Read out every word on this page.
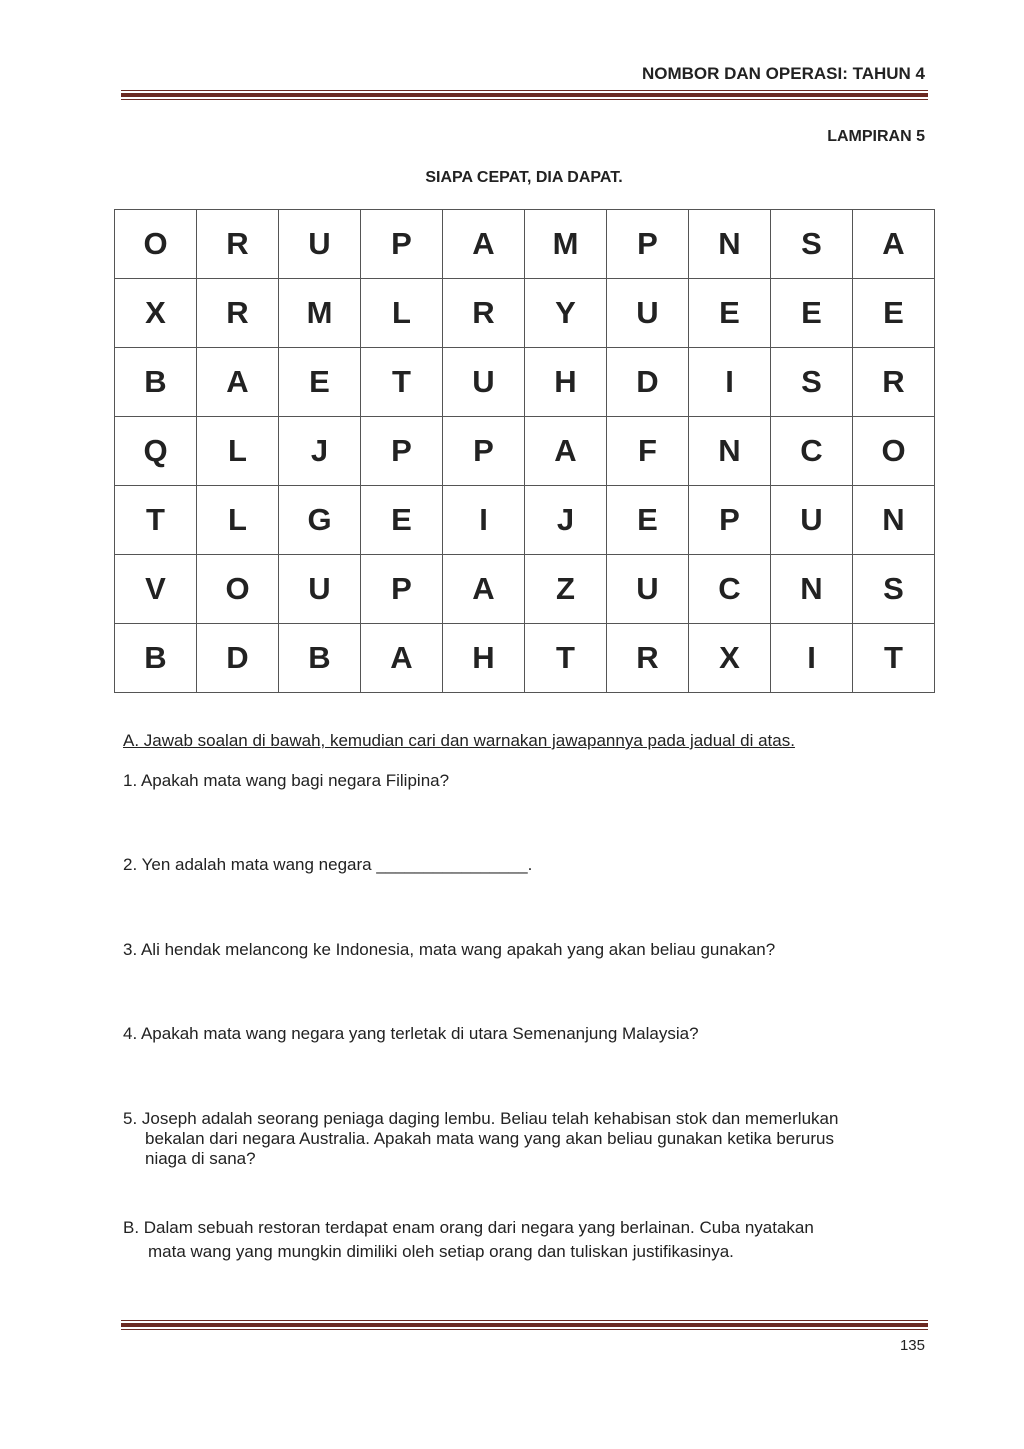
NOMBOR DAN OPERASI: TAHUN 4
LAMPIRAN 5
SIAPA CEPAT, DIA DAPAT.
O	R	U	P	A	M	P	N	S	A
X	R	M	L	R	Y	U	E	E	E
B	A	E	T	U	H	D	I	S	R
Q	L	J	P	P	A	F	N	C	O
T	L	G	E	I	J	E	P	U	N
V	O	U	P	A	Z	U	C	N	S
B	D	B	A	H	T	R	X	I	T
A. Jawab soalan di bawah, kemudian cari dan warnakan jawapannya pada jadual di atas.
1. Apakah mata wang bagi negara Filipina?
2. Yen adalah mata wang negara ________________.
3. Ali hendak melancong ke Indonesia, mata wang apakah yang akan beliau gunakan?
4. Apakah mata wang negara yang terletak di utara Semenanjung Malaysia?
5. Joseph adalah seorang peniaga daging lembu. Beliau telah kehabisan stok dan memerlukan
bekalan dari negara Australia. Apakah mata wang yang akan beliau gunakan ketika berurus
niaga di sana?
B. Dalam sebuah restoran terdapat enam orang dari negara yang berlainan. Cuba nyatakan
mata wang yang mungkin dimiliki oleh setiap orang dan tuliskan justifikasinya.
135
